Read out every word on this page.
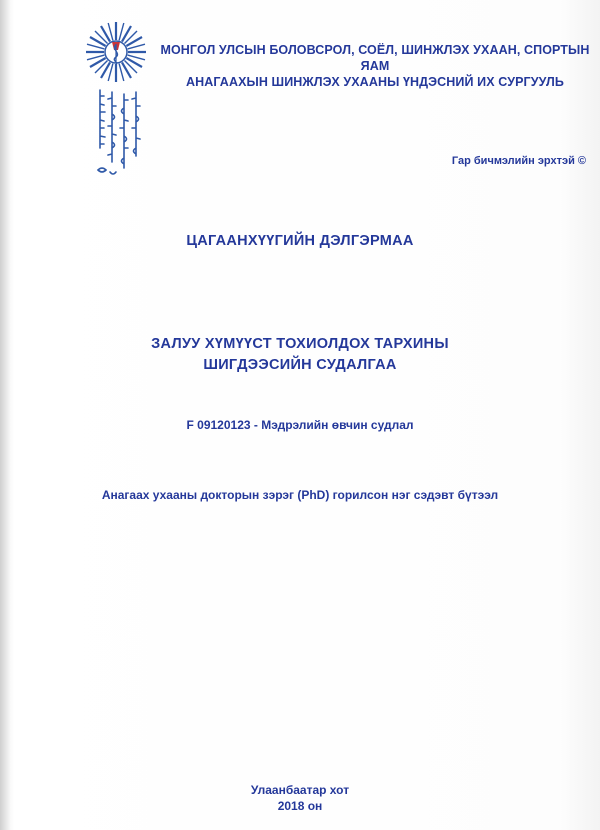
МОНГОЛ УЛСЫН БОЛОВСРОЛ, СОЁЛ, ШИНЖЛЭХ УХААН, СПОРТЫН ЯАМ
АНАГААХЫН ШИНЖЛЭХ УХААНЫ ҮНДЭСНИЙ ИХ СУРГУУЛЬ
Гар бичмэлийн эрхтэй ©
ЦАГААНХҮҮГИЙН ДЭЛГЭРМАА
ЗАЛУУ ХҮМҮҮСТ ТОХИОЛДОХ ТАРХИНЫ
ШИГДЭЭСИЙН СУДАЛГАА
F 09120123 - Мэдрэлийн өвчин судлал
Анагаах ухааны докторын зэрэг (PhD) горилсон нэг сэдэвт бүтээл
Улаанбаатар хот
2018 он
